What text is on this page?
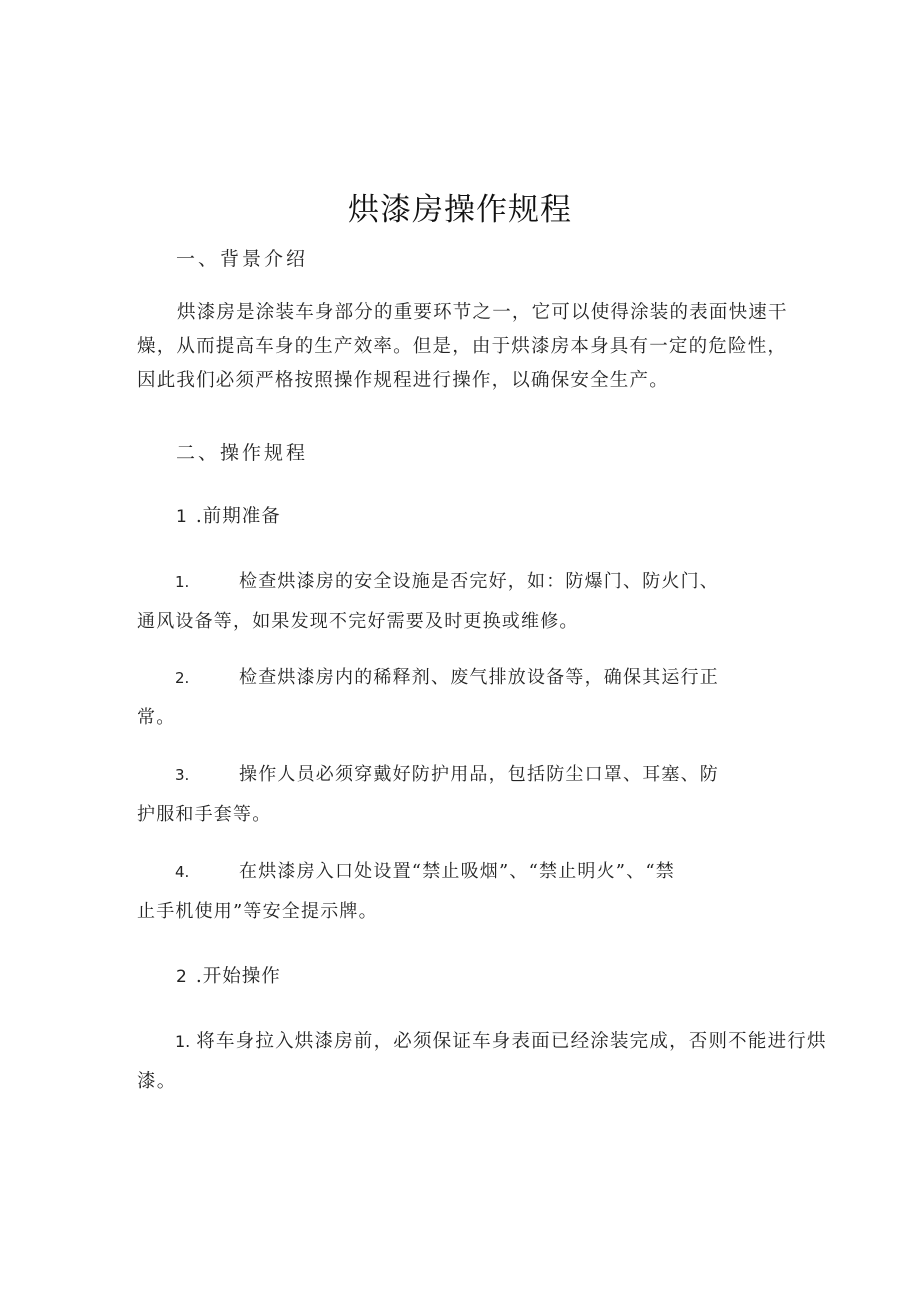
烘漆房操作规程
一、背景介绍
烘漆房是涂装车身部分的重要环节之一，它可以使得涂装的表面快速干燥，从而提高车身的生产效率。但是，由于烘漆房本身具有一定的危险性，因此我们必须严格按照操作规程进行操作，以确保安全生产。
二、操作规程
1 .前期准备
1.	检查烘漆房的安全设施是否完好，如：防爆门、防火门、
通风设备等，如果发现不完好需要及时更换或维修。
2.	检查烘漆房内的稀释剂、废气排放设备等，确保其运行正
常。
3.	操作人员必须穿戴好防护用品，包括防尘口罩、耳塞、防
护服和手套等。
4.	在烘漆房入口处设置“禁止吸烟”、“禁止明火”、“禁
止手机使用”等安全提示牌。
2 .开始操作
1. 将车身拉入烘漆房前，必须保证车身表面已经涂装完成，否则不能进行烘
漆。
